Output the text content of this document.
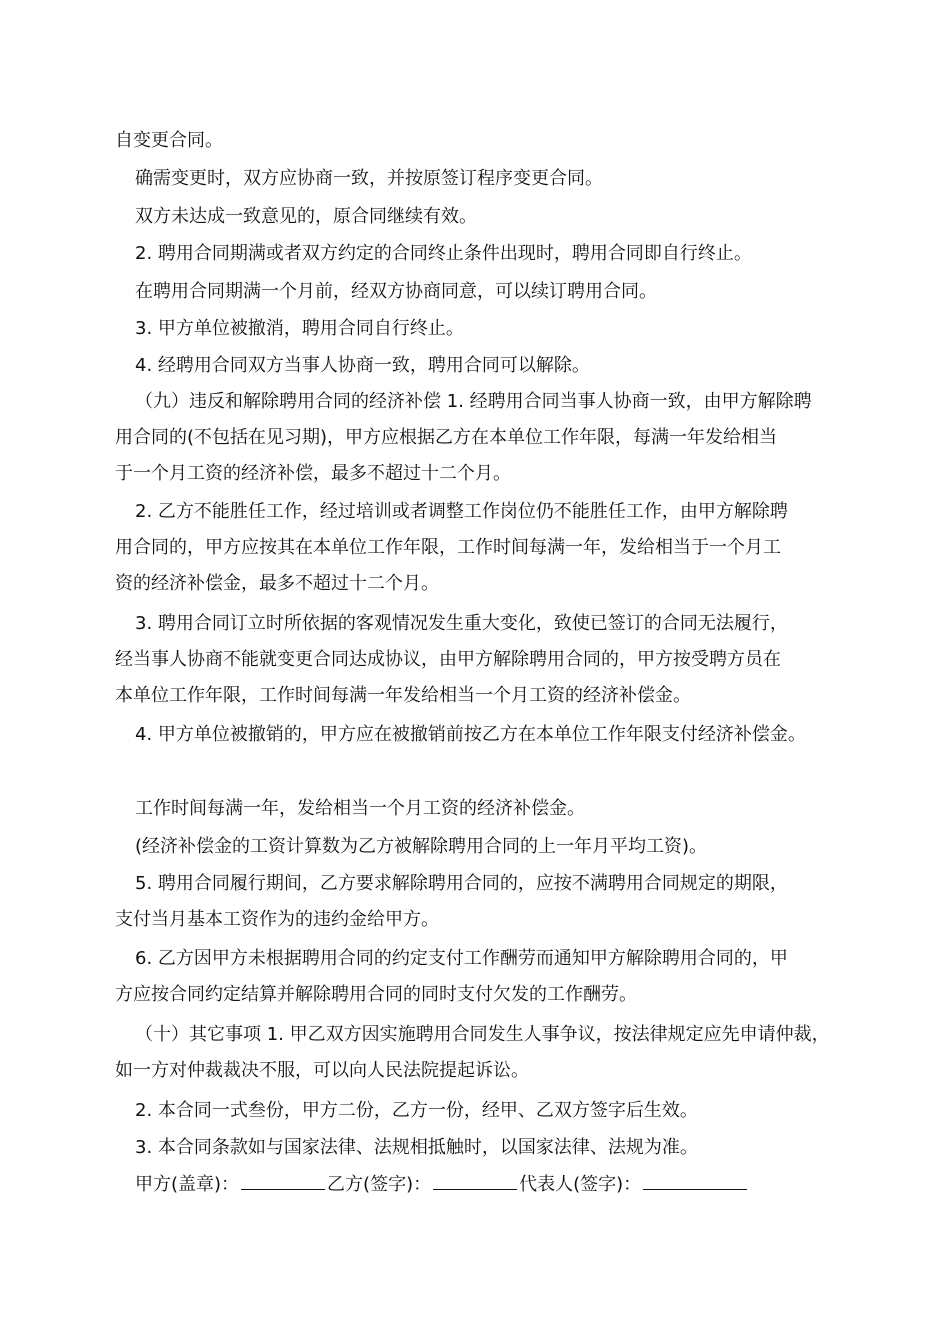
自变更合同。

确需变更时，双方应协商一致，并按原签订程序变更合同。

双方未达成一致意见的，原合同继续有效。

2. 聘用合同期满或者双方约定的合同终止条件出现时，聘用合同即自行终止。

在聘用合同期满一个月前，经双方协商同意，可以续订聘用合同。

3. 甲方单位被撤消，聘用合同自行终止。

4. 经聘用合同双方当事人协商一致，聘用合同可以解除。

（九）违反和解除聘用合同的经济补偿 1. 经聘用合同当事人协商一致，由甲方解除聘
用合同的(不包括在见习期)，甲方应根据乙方在本单位工作年限，每满一年发给相当
于一个月工资的经济补偿，最多不超过十二个月。
2. 乙方不能胜任工作，经过培训或者调整工作岗位仍不能胜任工作，由甲方解除聘
用合同的，甲方应按其在本单位工作年限，工作时间每满一年，发给相当于一个月工
资的经济补偿金，最多不超过十二个月。
3. 聘用合同订立时所依据的客观情况发生重大变化，致使已签订的合同无法履行，
经当事人协商不能就变更合同达成协议，由甲方解除聘用合同的，甲方按受聘方员在
本单位工作年限，工作时间每满一年发给相当一个月工资的经济补偿金。

4. 甲方单位被撤销的，甲方应在被撤销前按乙方在本单位工作年限支付经济补偿金。

工作时间每满一年，发给相当一个月工资的经济补偿金。

(经济补偿金的工资计算数为乙方被解除聘用合同的上一年月平均工资)。

5. 聘用合同履行期间，乙方要求解除聘用合同的，应按不满聘用合同规定的期限，
支付当月基本工资作为的违约金给甲方。
6. 乙方因甲方未根据聘用合同的约定支付工作酬劳而通知甲方解除聘用合同的，甲
方应按合同约定结算并解除聘用合同的同时支付欠发的工作酬劳。
（十）其它事项 1. 甲乙双方因实施聘用合同发生人事争议，按法律规定应先申请仲裁，
如一方对仲裁裁决不服，可以向人民法院提起诉讼。

2. 本合同一式叁份，甲方二份，乙方一份，经甲、乙双方签字后生效。

3. 本合同条款如与国家法律、法规相抵触时，以国家法律、法规为准。

甲方(盖章)：	乙方(签字)：	代表人(签字)：
